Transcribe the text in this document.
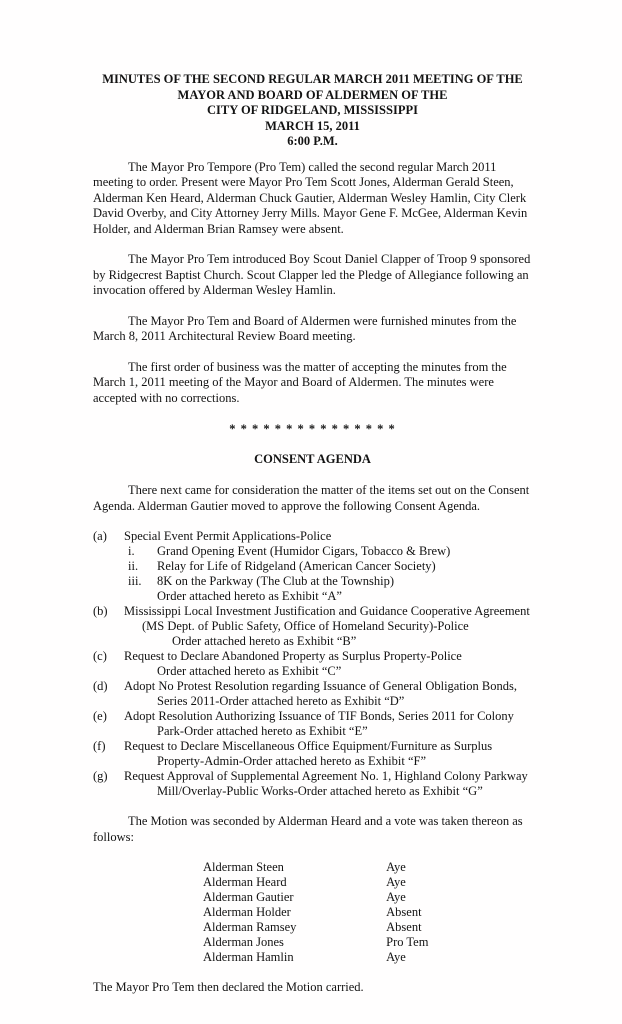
MINUTES OF THE SECOND REGULAR MARCH 2011 MEETING OF THE
MAYOR AND BOARD OF ALDERMEN OF THE
CITY OF RIDGELAND, MISSISSIPPI
MARCH 15, 2011
6:00 P.M.

The Mayor Pro Tempore (Pro Tem) called the second regular March 2011 meeting to order. Present were Mayor Pro Tem Scott Jones, Alderman Gerald Steen, Alderman Ken Heard, Alderman Chuck Gautier, Alderman Wesley Hamlin, City Clerk David Overby, and City Attorney Jerry Mills. Mayor Gene F. McGee, Alderman Kevin Holder, and Alderman Brian Ramsey were absent.

The Mayor Pro Tem introduced Boy Scout Daniel Clapper of Troop 9 sponsored by Ridgecrest Baptist Church. Scout Clapper led the Pledge of Allegiance following an invocation offered by Alderman Wesley Hamlin.

The Mayor Pro Tem and Board of Aldermen were furnished minutes from the March 8, 2011 Architectural Review Board meeting.

The first order of business was the matter of accepting the minutes from the March 1, 2011 meeting of the Mayor and Board of Aldermen. The minutes were accepted with no corrections.

* * * * * * * * * * * * * * *
CONSENT AGENDA

There next came for consideration the matter of the items set out on the Consent Agenda. Alderman Gautier moved to approve the following Consent Agenda.

(a) Special Event Permit Applications-Police
i. Grand Opening Event (Humidor Cigars, Tobacco & Brew)
ii. Relay for Life of Ridgeland (American Cancer Society)
iii. 8K on the Parkway (The Club at the Township)
Order attached hereto as Exhibit “A”
(b) Mississippi Local Investment Justification and Guidance Cooperative Agreement
(MS Dept. of Public Safety, Office of Homeland Security)-Police
Order attached hereto as Exhibit “B”
(c) Request to Declare Abandoned Property as Surplus Property-Police
Order attached hereto as Exhibit “C”
(d) Adopt No Protest Resolution regarding Issuance of General Obligation Bonds,
Series 2011-Order attached hereto as Exhibit “D”
(e) Adopt Resolution Authorizing Issuance of TIF Bonds, Series 2011 for Colony
Park-Order attached hereto as Exhibit “E”
(f) Request to Declare Miscellaneous Office Equipment/Furniture as Surplus
Property-Admin-Order attached hereto as Exhibit “F”
(g) Request Approval of Supplemental Agreement No. 1, Highland Colony Parkway
Mill/Overlay-Public Works-Order attached hereto as Exhibit “G”

The Motion was seconded by Alderman Heard and a vote was taken thereon as follows:

Alderman Steen	Aye
Alderman Heard	Aye
Alderman Gautier	Aye
Alderman Holder	Absent
Alderman Ramsey	Absent
Alderman Jones	Pro Tem
Alderman Hamlin	Aye

The Mayor Pro Tem then declared the Motion carried.
